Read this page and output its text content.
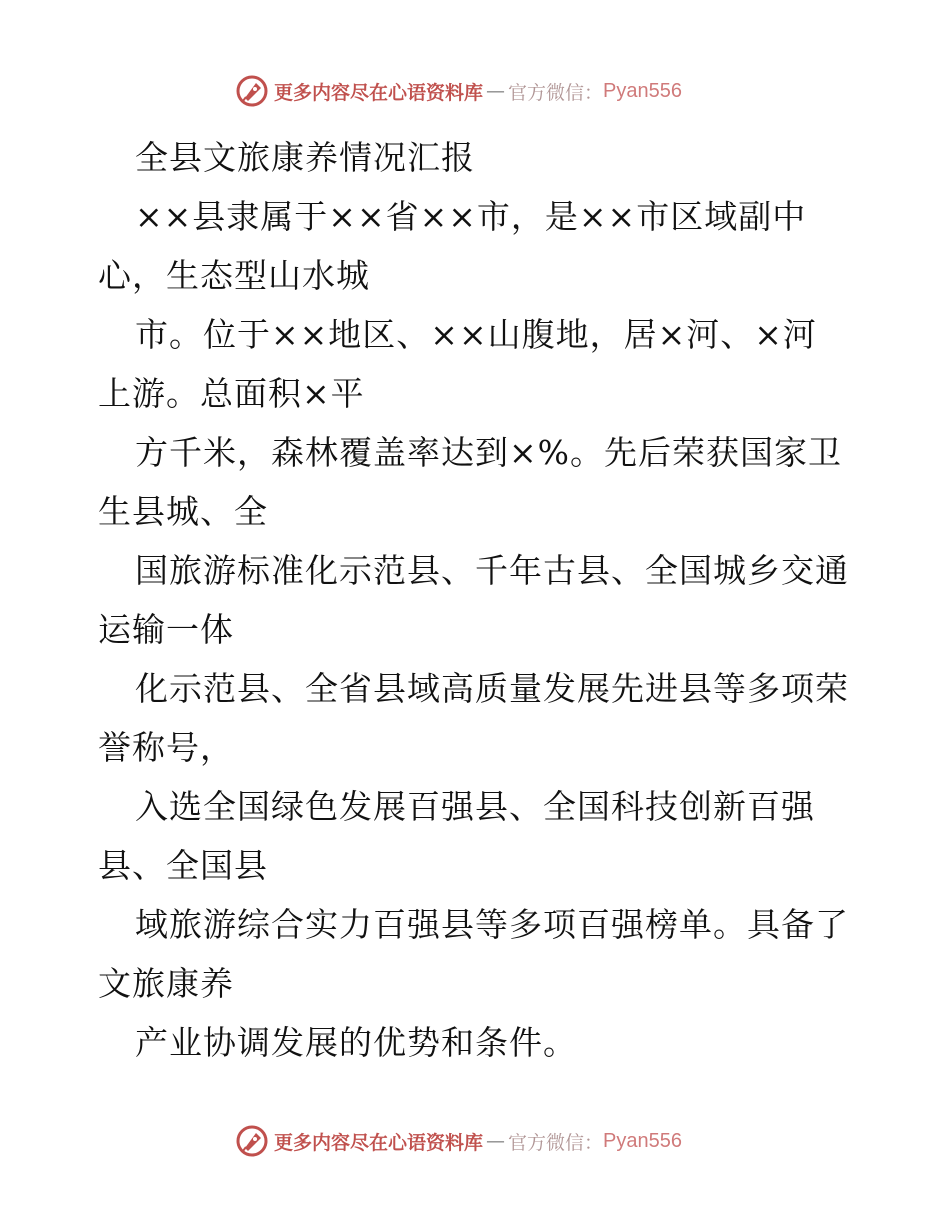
更多内容尽在心语资料库 — 官方微信： Pyan556
全县文旅康养情况汇报
××县隶属于××省××市，是××市区域副中
心，生态型山水城
市。位于××地区、××山腹地，居×河、×河
上游。总面积×平
方千米，森林覆盖率达到×%。先后荣获国家卫
生县城、全
国旅游标准化示范县、千年古县、全国城乡交通
运输一体
化示范县、全省县域高质量发展先进县等多项荣
誉称号，
入选全国绿色发展百强县、全国科技创新百强
县、全国县
域旅游综合实力百强县等多项百强榜单。具备了
文旅康养
产业协调发展的优势和条件。
更多内容尽在心语资料库 — 官方微信： Pyan556
